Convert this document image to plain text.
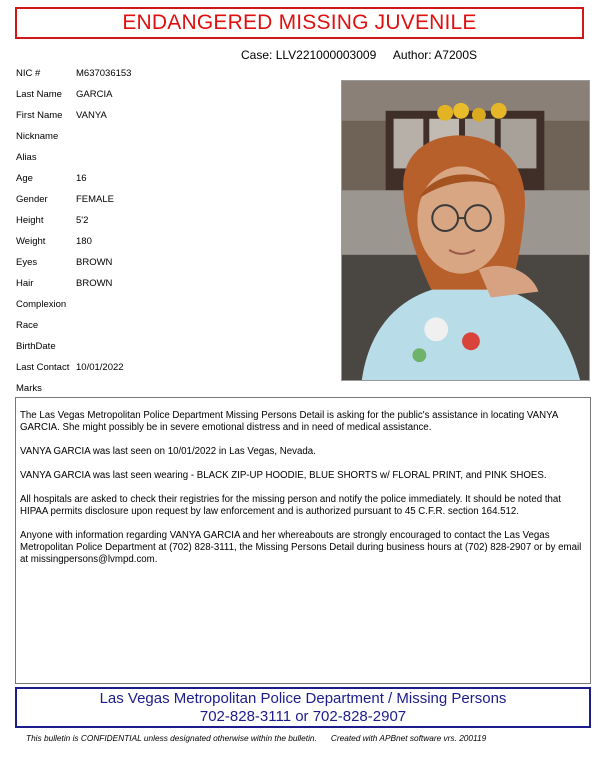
ENDANGERED MISSING JUVENILE
Case: LLV221000003009 Author: A7200S
NIC #	M637036153
Last Name	GARCIA
First Name	VANYA
Nickname
Alias
Age	16
Gender	FEMALE
Height	5'2
Weight	180
Eyes	BROWN
Hair	BROWN
Complexion
Race
BirthDate
Last Contact 10/01/2022
Marks

The Las Vegas Metropolitan Police Department Missing Persons Detail is asking for the public's assistance in locating VANYA GARCIA. She might possibly be in severe emotional distress and in need of medical assistance.

VANYA GARCIA was last seen on 10/01/2022 in Las Vegas, Nevada.

VANYA GARCIA was last seen wearing - BLACK ZIP-UP HOODIE, BLUE SHORTS w/ FLORAL PRINT, and PINK SHOES.

All hospitals are asked to check their registries for the missing person and notify the police immediately. It should be noted that HIPAA permits disclosure upon request by law enforcement and is authorized pursuant to 45 C.F.R. section 164.512.

Anyone with information regarding VANYA GARCIA and her whereabouts are strongly encouraged to contact the Las Vegas Metropolitan Police Department at (702) 828-3111, the Missing Persons Detail during business hours at (702) 828-2907 or by email at missingpersons@lvmpd.com.

Las Vegas Metropolitan Police Department / Missing Persons
702-828-3111 or 702-828-2907
This bulletin is CONFIDENTIAL unless designated otherwise within the bulletin. Created with APBnet software vrs. 200119
